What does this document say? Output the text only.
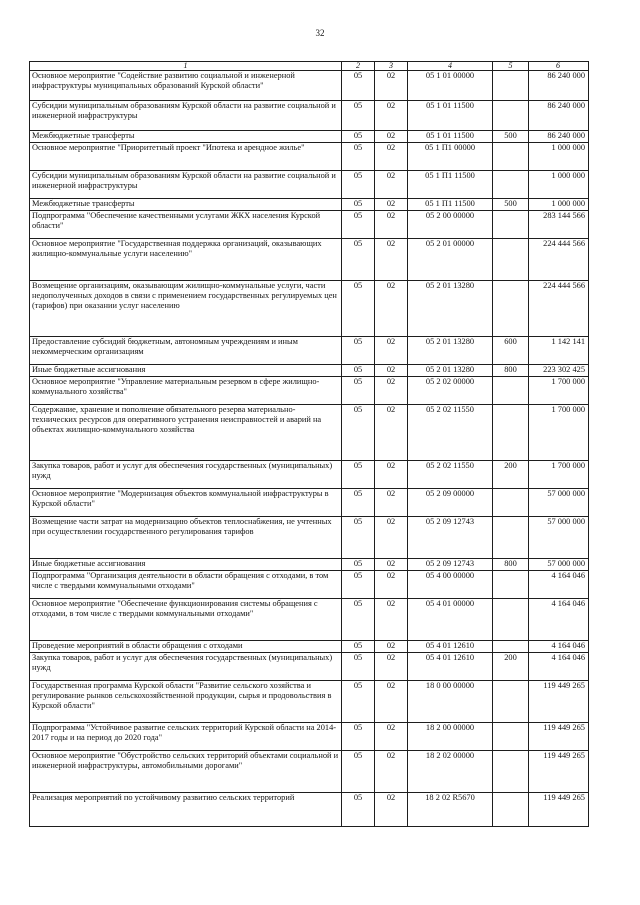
32
1	2	3	4	5	6
Основное мероприятие "Содействие развитию социальной и инженерной инфраструктуры муниципальных образований Курской области"	05	02	05 1 01 00000		86 240 000
Субсидии муниципальным образованиям Курской области на развитие социальной и инженерной инфраструктуры	05	02	05 1 01 11500		86 240 000
Межбюджетные трансферты	05	02	05 1 01 11500	500	86 240 000
Основное мероприятие "Приоритетный проект "Ипотека и арендное жилье"	05	02	05 1 П1 00000		1 000 000
Субсидии муниципальным образованиям Курской области на развитие социальной и инженерной инфраструктуры	05	02	05 1 П1 11500		1 000 000
Межбюджетные трансферты	05	02	05 1 П1 11500	500	1 000 000
Подпрограмма "Обеспечение качественными услугами ЖКХ населения Курской области"	05	02	05 2 00 00000		283 144 566
Основное мероприятие "Государственная поддержка организаций, оказывающих жилищно-коммунальные услуги населению"	05	02	05 2 01 00000		224 444 566
Возмещение организациям, оказывающим жилищно-коммунальные услуги, части недополученных доходов в связи с применением государственных регулируемых цен (тарифов) при оказании услуг населению	05	02	05 2 01 13280		224 444 566
Предоставление субсидий бюджетным, автономным учреждениям и иным некоммерческим организациям	05	02	05 2 01 13280	600	1 142 141
Иные бюджетные ассигнования	05	02	05 2 01 13280	800	223 302 425
Основное мероприятие "Управление материальным резервом в сфере жилищно-коммунального хозяйства"	05	02	05 2 02 00000		1 700 000
Содержание, хранение и пополнение обязательного резерва материально-технических ресурсов для оперативного устранения неисправностей и аварий на объектах жилищно-коммунального хозяйства	05	02	05 2 02 11550		1 700 000
Закупка товаров, работ и услуг для обеспечения государственных (муниципальных) нужд	05	02	05 2 02 11550	200	1 700 000
Основное мероприятие "Модернизация объектов коммунальной инфраструктуры в Курской области"	05	02	05 2 09 00000		57 000 000
Возмещение части затрат на модернизацию объектов теплоснабжения, не учтенных при осуществлении государственного регулирования тарифов	05	02	05 2 09 12743		57 000 000
Иные бюджетные ассигнования	05	02	05 2 09 12743	800	57 000 000
Подпрограмма "Организация деятельности в области обращения с отходами, в том числе с твердыми коммунальными отходами"	05	02	05 4 00 00000		4 164 046
Основное мероприятие "Обеспечение функционирования системы обращения с отходами, в том числе с твердыми коммунальными отходами"	05	02	05 4 01 00000		4 164 046
Проведение мероприятий в области обращения с отходами	05	02	05 4 01 12610		4 164 046
Закупка товаров, работ и услуг для обеспечения государственных (муниципальных) нужд	05	02	05 4 01 12610	200	4 164 046
Государственная программа Курской области "Развитие сельского хозяйства и регулирование рынков сельскохозяйственной продукции, сырья и продовольствия в Курской области"	05	02	18 0 00 00000		119 449 265
Подпрограмма "Устойчивое развитие сельских территорий Курской области на 2014-2017 годы и на период до 2020 года"	05	02	18 2 00 00000		119 449 265
Основное мероприятие "Обустройство сельских территорий объектами социальной и инженерной инфраструктуры, автомобильными дорогами"	05	02	18 2 02 00000		119 449 265
Реализация мероприятий по устойчивому развитию сельских территорий	05	02	18 2 02 R5670		119 449 265
